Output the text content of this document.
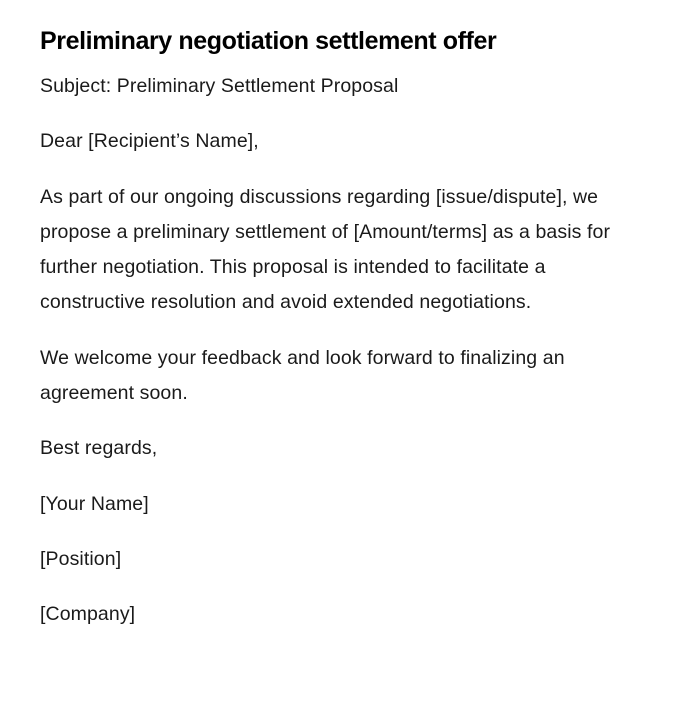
Preliminary negotiation settlement offer

Subject: Preliminary Settlement Proposal

Dear [Recipient’s Name],

As part of our ongoing discussions regarding [issue/dispute], we propose a preliminary settlement of [Amount/terms] as a basis for further negotiation. This proposal is intended to facilitate a constructive resolution and avoid extended negotiations.

We welcome your feedback and look forward to finalizing an agreement soon.

Best regards,

[Your Name]

[Position]

[Company]
